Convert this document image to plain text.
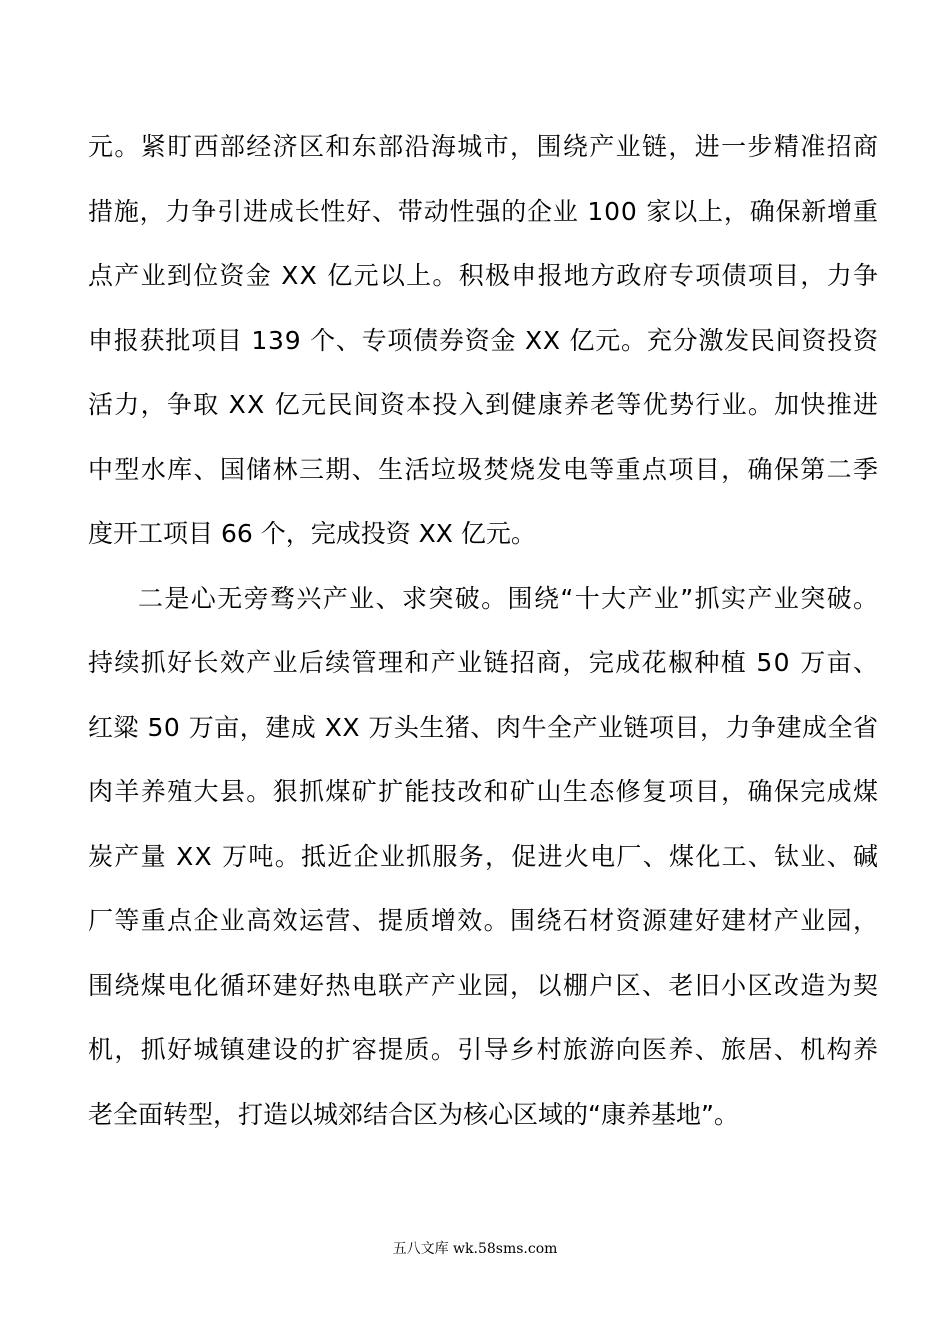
元。紧盯西部经济区和东部沿海城市，围绕产业链，进一步精准招商
措施，力争引进成长性好、带动性强的企业 100 家以上，确保新增重
点产业到位资金 XX 亿元以上。积极申报地方政府专项债项目，力争
申报获批项目 139 个、专项债券资金 XX 亿元。充分激发民间资投资
活力，争取 XX 亿元民间资本投入到健康养老等优势行业。加快推进
中型水库、国储林三期、生活垃圾焚烧发电等重点项目，确保第二季
度开工项目 66 个，完成投资 XX 亿元。
二是心无旁骛兴产业、求突破。围绕“十大产业”抓实产业突破。
持续抓好长效产业后续管理和产业链招商，完成花椒种植 50 万亩、
红粱 50 万亩，建成 XX 万头生猪、肉牛全产业链项目，力争建成全省
肉羊养殖大县。狠抓煤矿扩能技改和矿山生态修复项目，确保完成煤
炭产量 XX 万吨。抵近企业抓服务，促进火电厂、煤化工、钛业、碱
厂等重点企业高效运营、提质增效。围绕石材资源建好建材产业园，
围绕煤电化循环建好热电联产产业园，以棚户区、老旧小区改造为契
机，抓好城镇建设的扩容提质。引导乡村旅游向医养、旅居、机构养
老全面转型，打造以城郊结合区为核心区域的“康养基地”。
五八文库 wk.58sms.com
